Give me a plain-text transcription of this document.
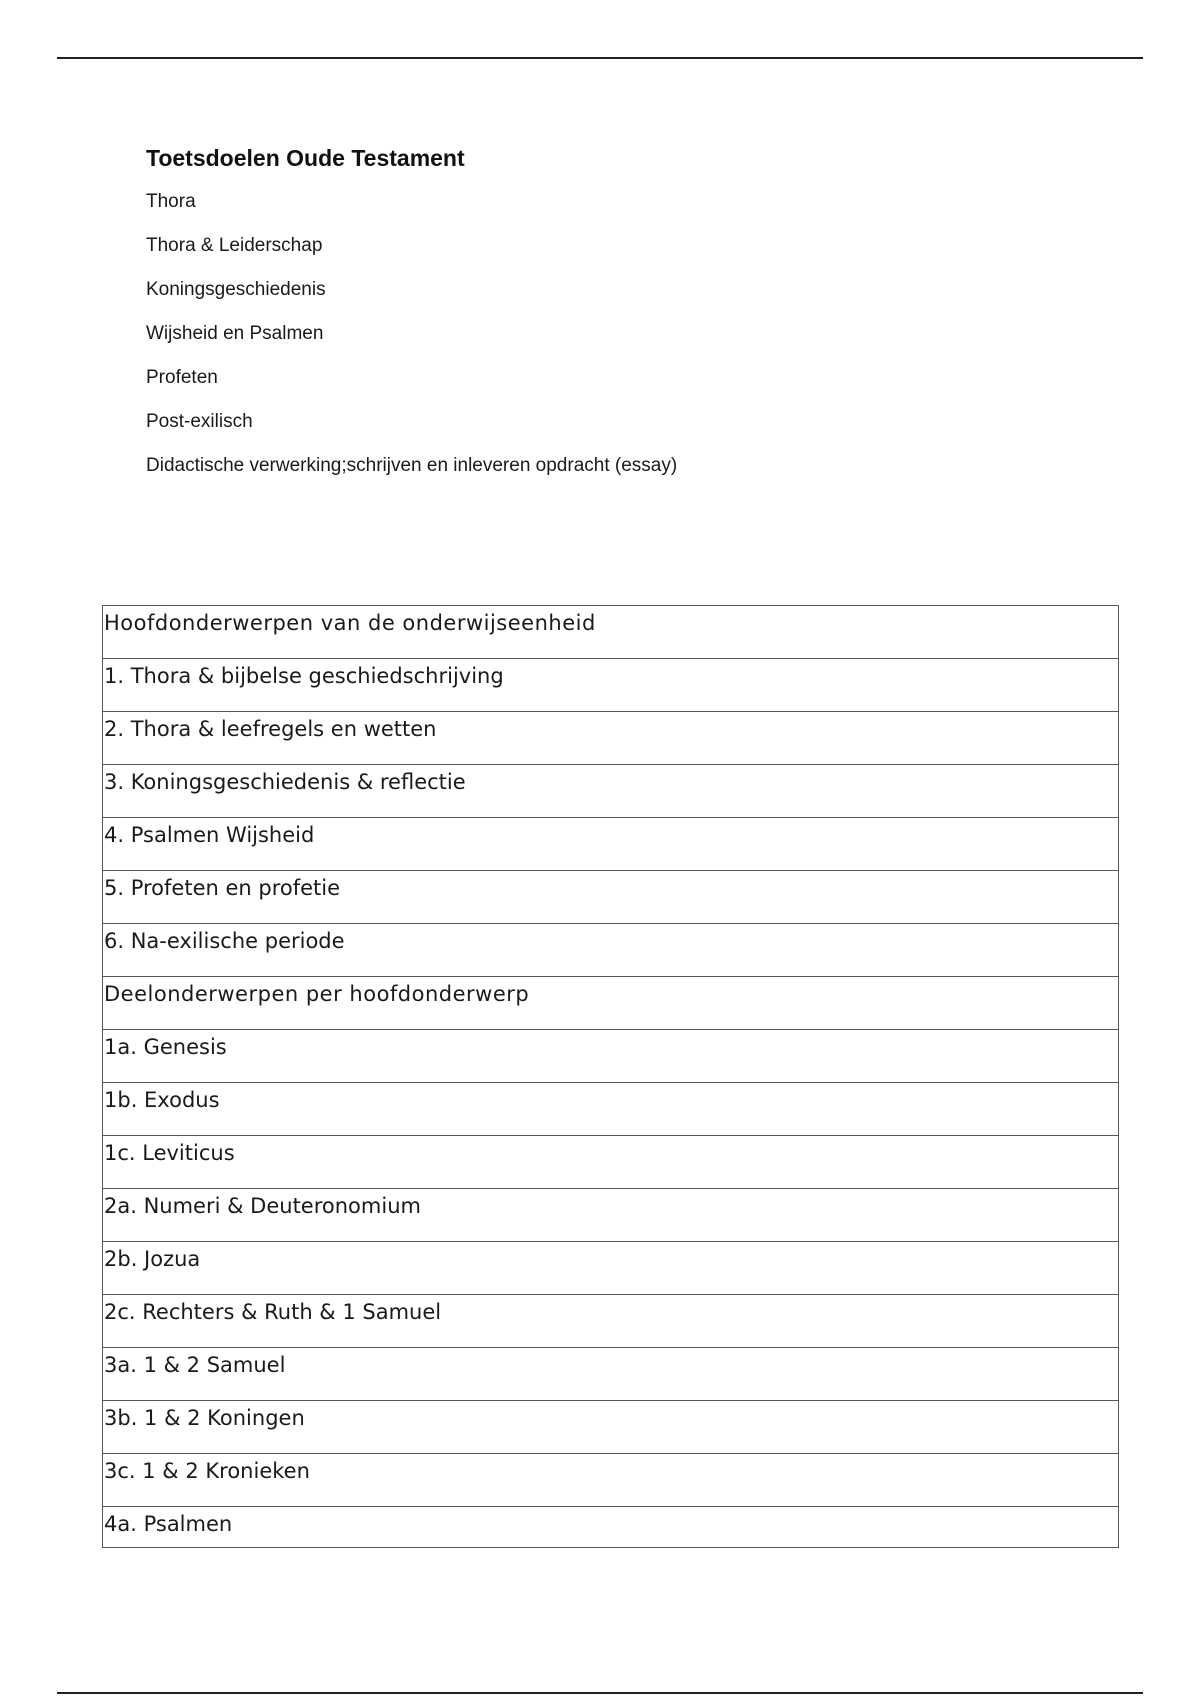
Toetsdoelen Oude Testament
Thora
Thora & Leiderschap
Koningsgeschiedenis
Wijsheid en Psalmen
Profeten
Post-exilisch
Didactische verwerking;schrijven en inleveren opdracht (essay)
Hoofdonderwerpen van de onderwijseenheid
1. Thora & bijbelse geschiedschrijving
2. Thora & leefregels en wetten
3. Koningsgeschiedenis & reflectie
4. Psalmen Wijsheid
5. Profeten en profetie
6. Na-exilische periode
Deelonderwerpen per hoofdonderwerp
1a. Genesis
1b. Exodus
1c. Leviticus
2a. Numeri & Deuteronomium
2b. Jozua
2c. Rechters & Ruth & 1 Samuel
3a. 1 & 2 Samuel
3b. 1 & 2 Koningen
3c. 1 & 2 Kronieken
4a. Psalmen
